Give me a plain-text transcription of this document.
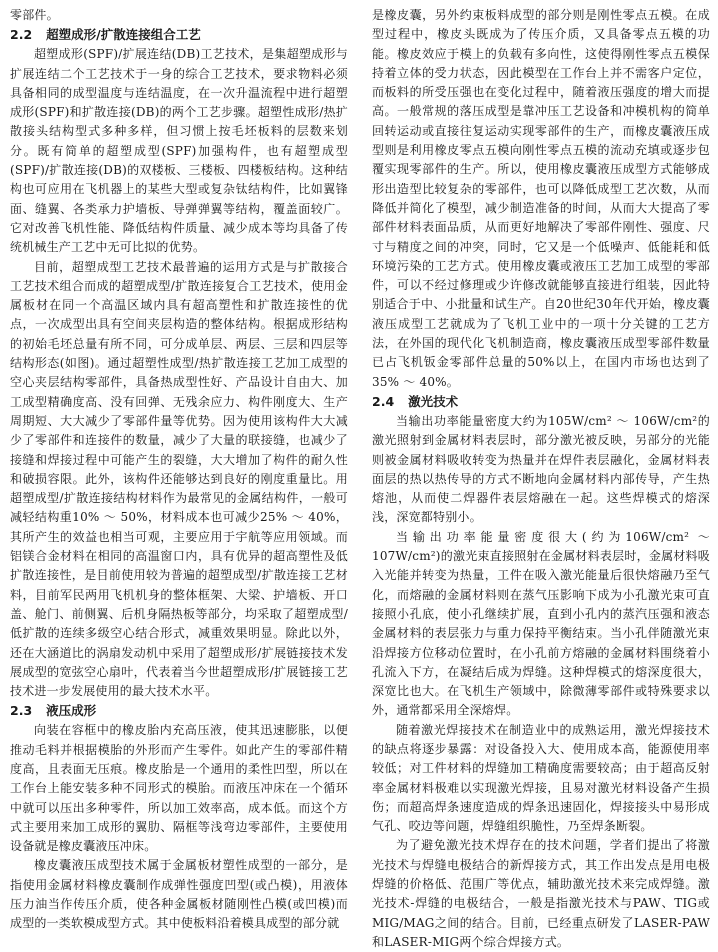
零部件。

2.2 超塑成形/扩散连接组合工艺

超塑成形(SPF)/扩展连结(DB)工艺技术，是集超塑成形与扩展连结二个工艺技术于一身的综合工艺技术，要求物料必须具备相同的成型温度与连结温度，在一次升温流程中进行超塑成形(SPF)和扩散连接(DB)的两个工艺步骤。超塑性成形/热扩散接头结构型式多种多样，但习惯上按毛坯板料的层数来划分。既有简单的超塑成型(SPF)加强构件，也有超塑成型(SPF)/扩散连接(DB)的双楼板、三楼板、四楼板结构。这种结构也可应用在飞机器上的某些大型或复杂钛结构件，比如翼锋面、缝翼、各类承力护墙板、导弹弹翼等结构，覆盖面较广。它对改善飞机性能、降低结构件质量、减少成本等均具备了传统机械生产工艺中无可比拟的优势。

目前，超塑成型工艺技术最普遍的运用方式是与扩散接合工艺技术组合而成的超塑成型/扩散连接复合工艺技术，使用金属板材在同一个高温区域内具有超高塑性和扩散连接性的优点，一次成型出具有空间夹层构造的整体结构。根据成形结构的初始毛坯总量有所不同，可分成单层、两层、三层和四层等结构形态(如图)。通过超塑性成型/热扩散连接工艺加工成型的空心夹层结构零部件，具备热成型性好、产品设计自由大、加工成型精确度高、没有回弹、无残余应力、构件刚度大、生产周期短、大大减少了零部件量等优势。因为使用该构件大大减少了零部件和连接件的数量，减少了大量的联接缝，也减少了接缝和焊接过程中可能产生的裂缝，大大增加了构件的耐久性和破损容限。此外，该构件还能够达到良好的刚度重量比。用超塑成型/扩散连接结构材料作为最常见的金属结构件，一般可减轻结构重10% ～ 50%，材料成本也可减少25% ～ 40%，其所产生的效益也相当可观，主要应用于宇航等应用领域。而铝镁合金材料在相同的高温窗口内，具有优异的超高塑性及低扩散连接性，是目前使用较为普遍的超塑成型/扩散连接工艺材料，目前军民两用飞机机身的整体框架、大梁、护墙板、开口盖、舱门、前侧翼、后机身隔热板等部分，均采取了超塑成型/低扩散的连续多级空心结合形式，减重效果明显。除此以外，还在大涵道比的涡扇发动机中采用了超塑成形/扩展链接技术发展成型的宽弦空心扇叶，代表着当今世超塑成形/扩展链接工艺技术进一步发展使用的最大技术水平。

2.3 液压成形

向装在容框中的橡皮胎内充高压液，使其迅速膨胀，以便推动毛料并根据模胎的外形而产生零件。如此产生的零部件精度高，且表面无压痕。橡皮胎是一个通用的柔性凹型，所以在工作台上能安装多种不同形式的模胎。而液压冲床在一个循环中就可以压出多种零件，所以加工效率高，成本低。而这个方式主要用来加工成形的翼肋、隔框等浅弯边零部件，主要使用设备就是橡皮囊液压冲床。

橡皮囊液压成型技术属于金属板材塑性成型的一部分，是指使用金属材料橡皮囊制作成弹性强度凹型(或凸模)，用液体压力油当作传压介质，使各种金属板材随刚性凸模(或凹模)而成型的一类软模成型方式。其中使板料沿着模具成型的部分就

是橡皮囊，另外约束板料成型的部分则是刚性零点五模。在成型过程中，橡皮头既成为了传压介质，又具备零点五模的功能。橡皮效应于模上的负载有多向性，这使得刚性零点五模保持着立体的受力状态，因此模型在工作台上并不需客户定位，而板料的所受压强也在变化过程中，随着液压强度的增大而提高。一般常规的落压成型是靠冲压工艺设备和冲模机构的简单回转运动或直接往复运动实现零部件的生产，而橡皮囊液压成型则是利用橡皮零点五模向刚性零点五模的流动充填或逐步包覆实现零部件的生产。所以，使用橡皮囊液压成型方式能够成形出造型比较复杂的零部件，也可以降低成型工艺次数，从而降低并简化了模型，减少制造准备的时间，从而大大提高了零部件材料表面品质，从而更好地解决了零部件刚性、强度、尺寸与精度之间的冲突，同时，它又是一个低噪声、低能耗和低环境污染的工艺方式。使用橡皮囊或液压工艺加工成型的零部件，可以不经过修理或少许修改就能够直接进行组装，因此特别适合于中、小批量和试生产。自20世纪30年代开始，橡皮囊液压成型工艺就成为了飞机工业中的一项十分关键的工艺方法，在外国的现代化飞机制造商，橡皮囊液压成型零部件数量已占飞机钣金零部件总量的50%以上，在国内市场也达到了35% ～ 40%。

2.4 激光技术

当输出功率能量密度大约为105W/cm² ～ 106W/cm²的激光照射到金属材料表层时，部分激光被反映，另部分的光能则被金属材料吸收转变为热量并在焊件表层融化，金属材料表面层的热以热传导的方式不断地向金属材料内部传导，产生热熔池，从而使二焊器件表层熔融在一起。这些焊模式的熔深浅，深宽都特别小。

当输出功率能量密度很大(约为106W/cm² ～ 107W/cm²)的激光束直接照射在金属材料表层时，金属材料吸入光能并转变为热量，工件在吸入激光能量后很快熔融乃至气化，而熔融的金属材料则在蒸气压影响下成为小孔激光束可直接照小孔底，使小孔继续扩展，直到小孔内的蒸汽压强和液态金属材料的表层张力与重力保持平衡结束。当小孔伴随激光束沿焊接方位移动位置时，在小孔前方熔融的金属材料围绕着小孔流入下方，在凝结后成为焊缝。这种焊模式的熔深度很大，深宽比也大。在飞机生产领域中，除微薄零部件或特殊要求以外，通常都采用全深熔焊。

随着激光焊接技术在制造业中的成熟运用，激光焊接技术的缺点将逐步暴露：对设备投入大、使用成本高，能源使用率较低；对工件材料的焊缝加工精确度需要较高；由于超高反射率金属材料极难以实现激光焊接，且易对激光材料设备产生损伤；而超高焊条速度造成的焊条迅速固化，焊接接头中易形成气孔、咬边等问题，焊缝组织脆性，乃至焊条断裂。

为了避免激光技术焊存在的技术问题，学者们提出了将激光技术与焊缝电极结合的新焊接方式，其工作出发点是用电极焊缝的价格低、范围广等优点，辅助激光技术来完成焊缝。激光技术-焊缝的电极结合，一般是指激光技术与PAW、TIG或MIG/MAG之间的结合。目前，已经重点研发了LASER-PAW和LASER-MIG两个综合焊接方式。
